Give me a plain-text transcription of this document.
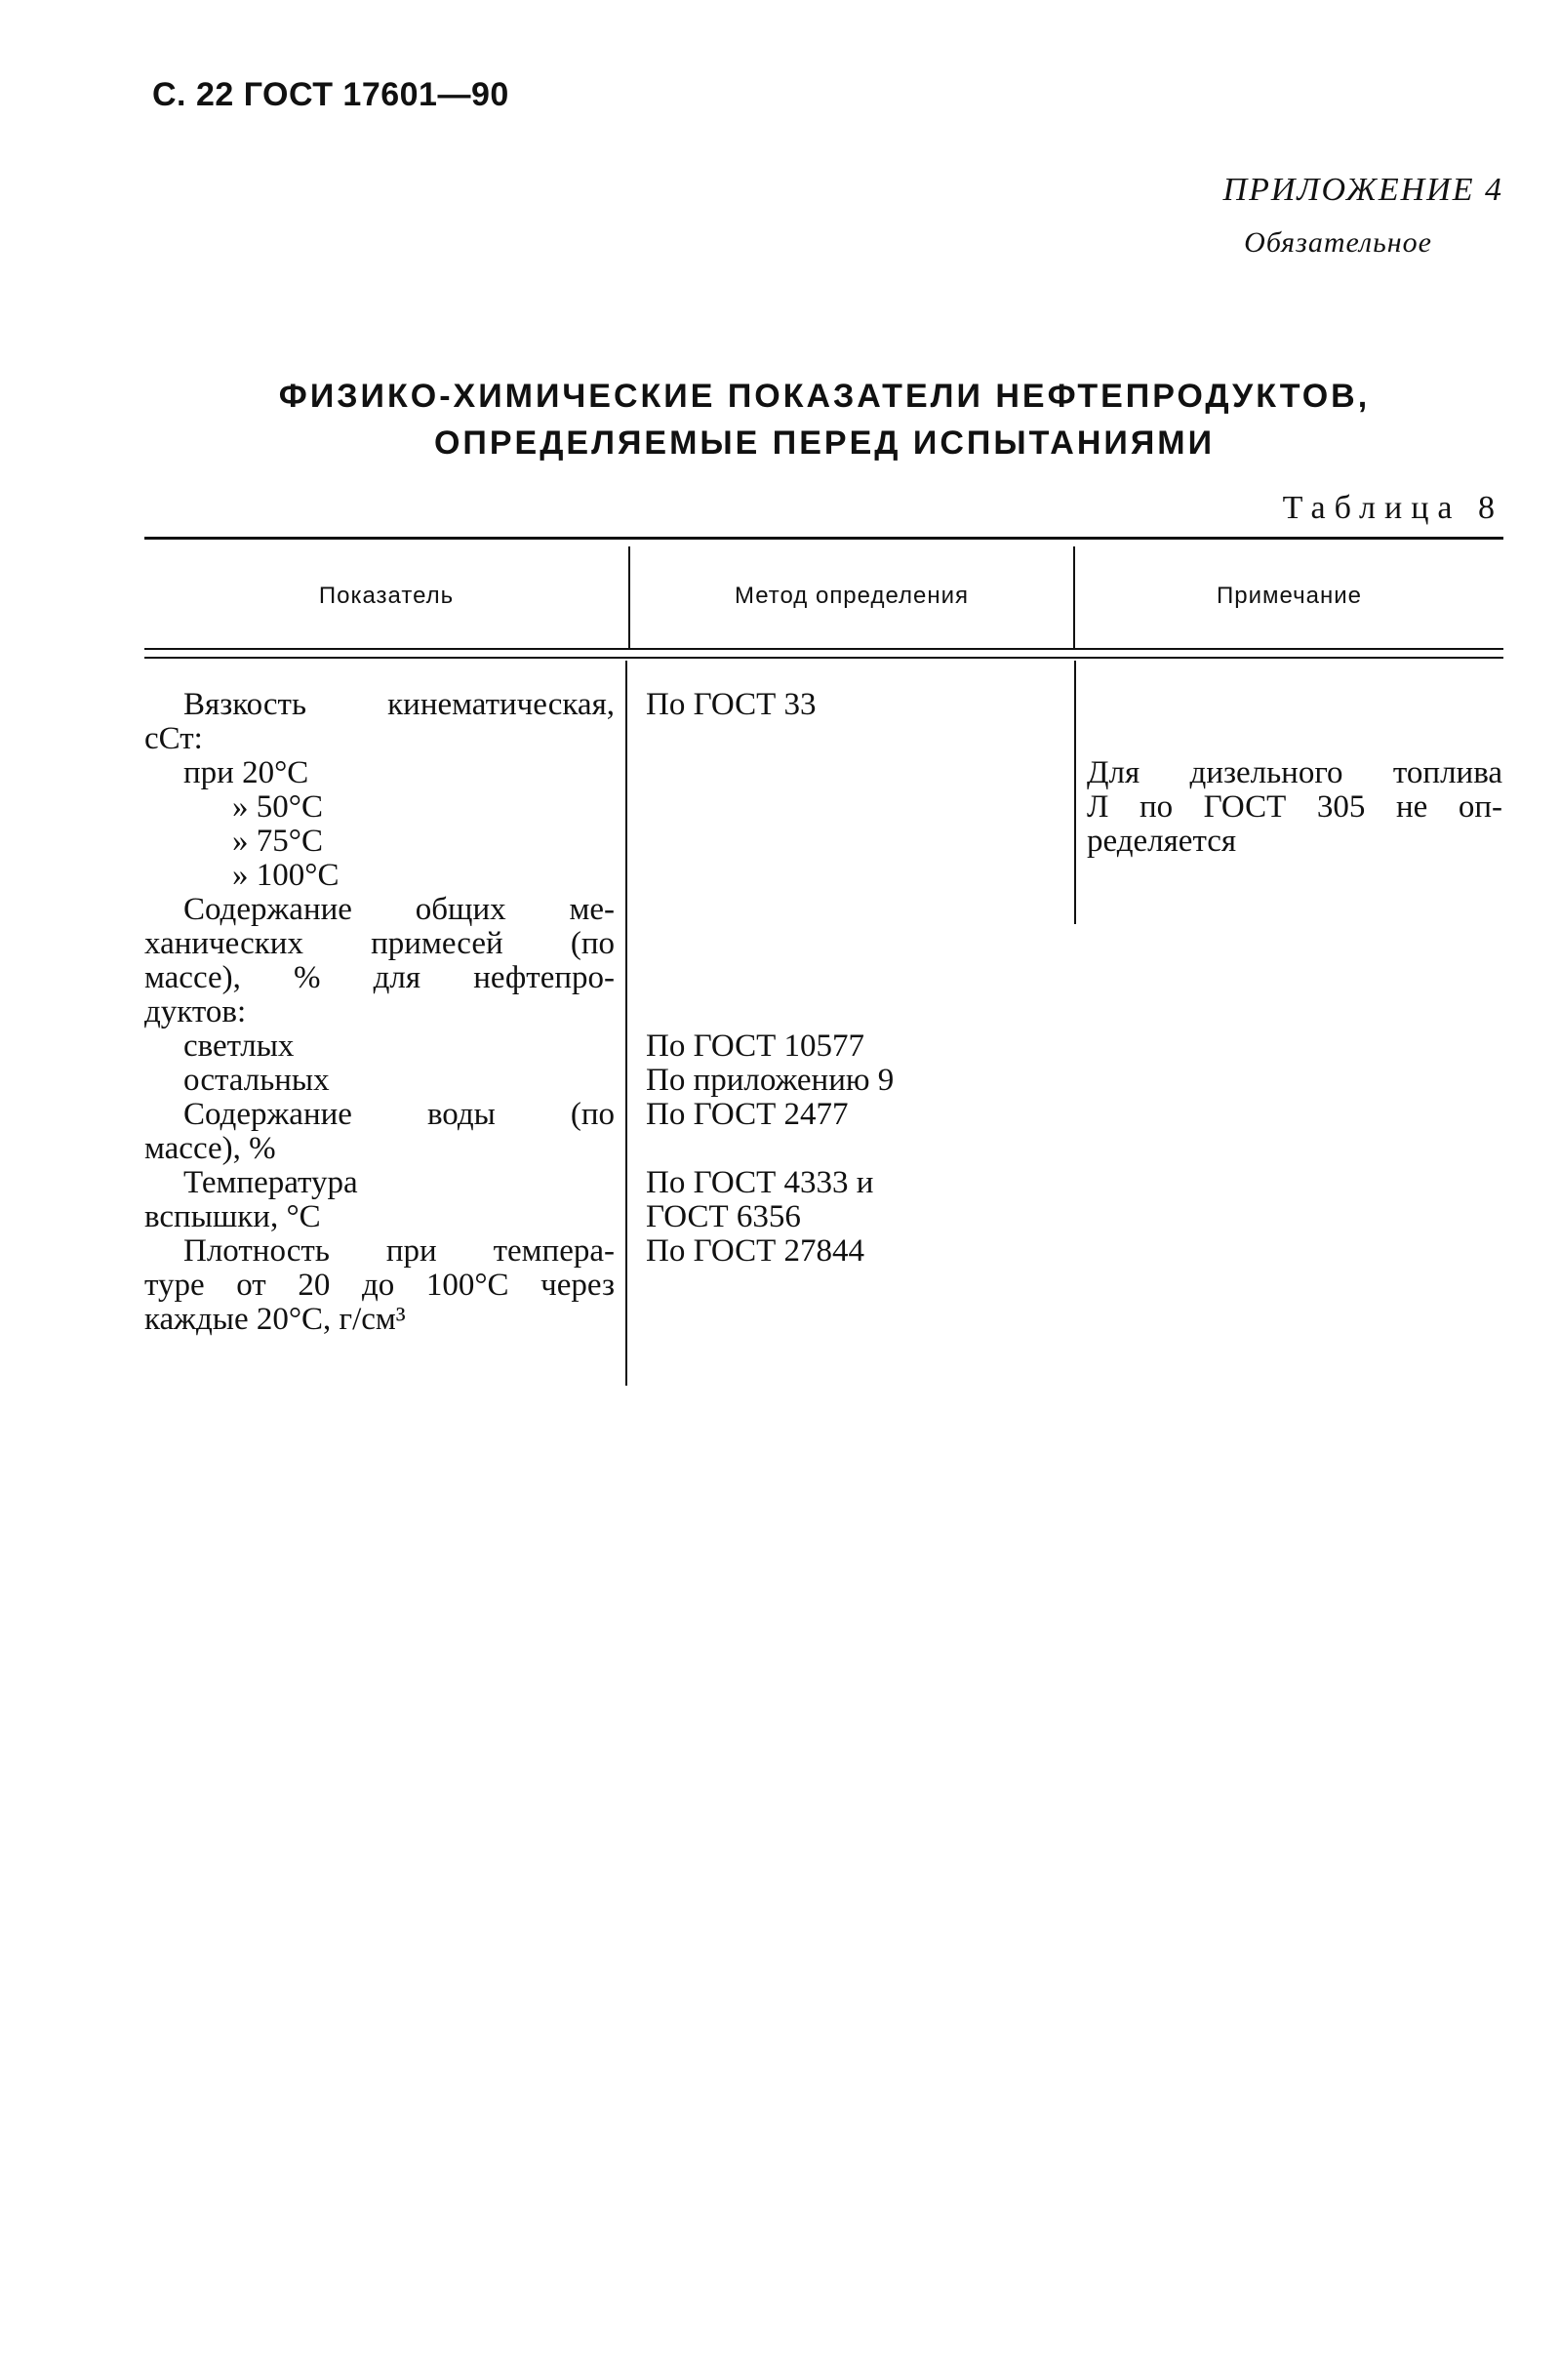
С. 22 ГОСТ 17601—90
ПРИЛОЖЕНИЕ 4
Обязательное
ФИЗИКО-ХИМИЧЕСКИЕ ПОКАЗАТЕЛИ НЕФТЕПРОДУКТОВ,
ОПРЕДЕЛЯЕМЫЕ ПЕРЕД ИСПЫТАНИЯМИ
Таблица 8
Показатель	Метод определения	Примечание
Вязкость кинематическая,
сСт:
при 20°С
» 50°С
» 75°С
» 100°С
Содержание общих ме-
ханических примесей (по
массе), % для нефтепро-
дуктов:
светлых
остальных
Содержание воды (по
массе), %
Температура
вспышки, °С
Плотность при темпера-
туре от 20 до 100°С через
каждые 20°С, г/см³
По ГОСТ 33
По ГОСТ 10577
По приложению 9
По ГОСТ 2477
По ГОСТ 4333 и
ГОСТ 6356
По ГОСТ 27844
Для дизельного топлива
Л по ГОСТ 305 не оп-
ределяется
